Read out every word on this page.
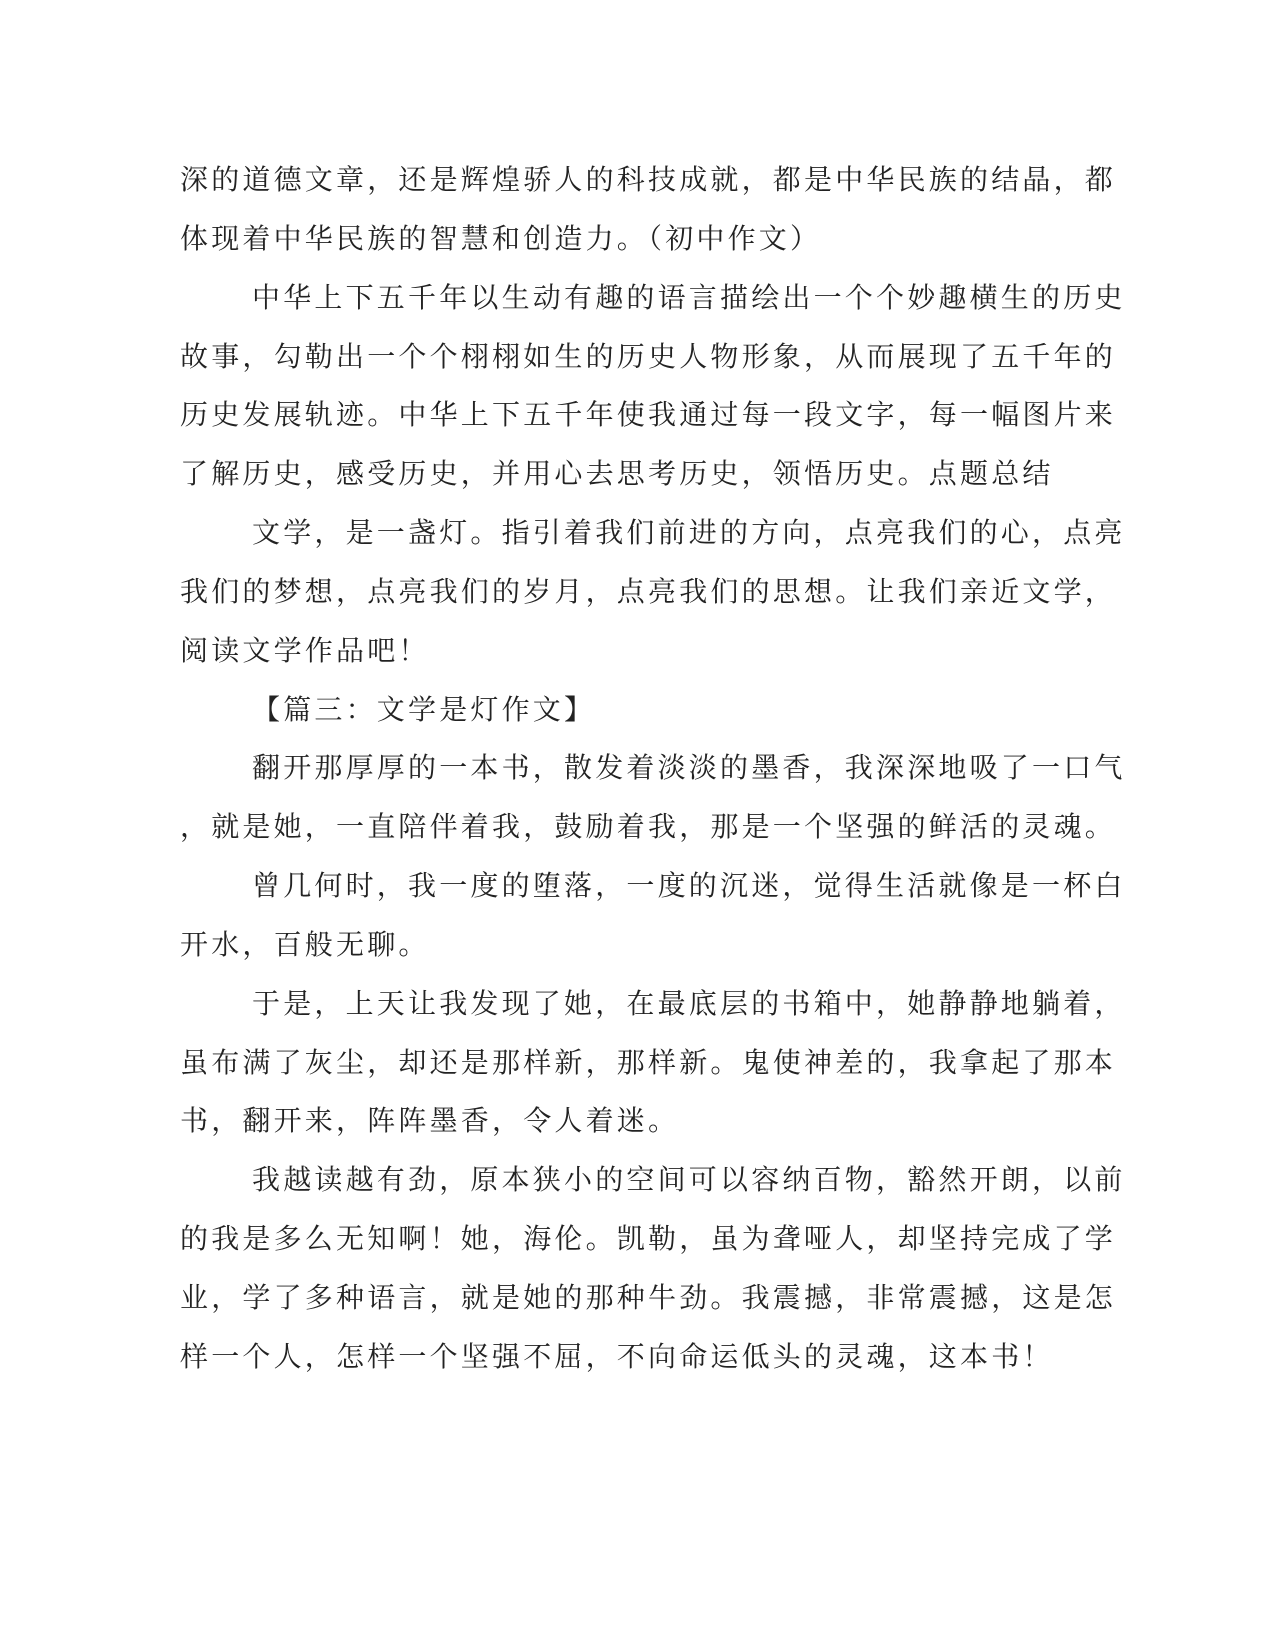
深的道德文章，还是辉煌骄人的科技成就，都是中华民族的结晶，都
体现着中华民族的智慧和创造力。（初中作文）
中华上下五千年以生动有趣的语言描绘出一个个妙趣横生的历史
故事，勾勒出一个个栩栩如生的历史人物形象，从而展现了五千年的
历史发展轨迹。中华上下五千年使我通过每一段文字，每一幅图片来
了解历史，感受历史，并用心去思考历史，领悟历史。点题总结
文学，是一盏灯。指引着我们前进的方向，点亮我们的心，点亮
我们的梦想，点亮我们的岁月，点亮我们的思想。让我们亲近文学，
阅读文学作品吧！
【篇三：文学是灯作文】
翻开那厚厚的一本书，散发着淡淡的墨香，我深深地吸了一口气
，就是她，一直陪伴着我，鼓励着我，那是一个坚强的鲜活的灵魂。
曾几何时，我一度的堕落，一度的沉迷，觉得生活就像是一杯白
开水，百般无聊。
于是，上天让我发现了她，在最底层的书箱中，她静静地躺着，
虽布满了灰尘，却还是那样新，那样新。鬼使神差的，我拿起了那本
书，翻开来，阵阵墨香，令人着迷。
我越读越有劲，原本狭小的空间可以容纳百物，豁然开朗，以前
的我是多么无知啊！她，海伦。凯勒，虽为聋哑人，却坚持完成了学
业，学了多种语言，就是她的那种牛劲。我震撼，非常震撼，这是怎
样一个人，怎样一个坚强不屈，不向命运低头的灵魂，这本书！
